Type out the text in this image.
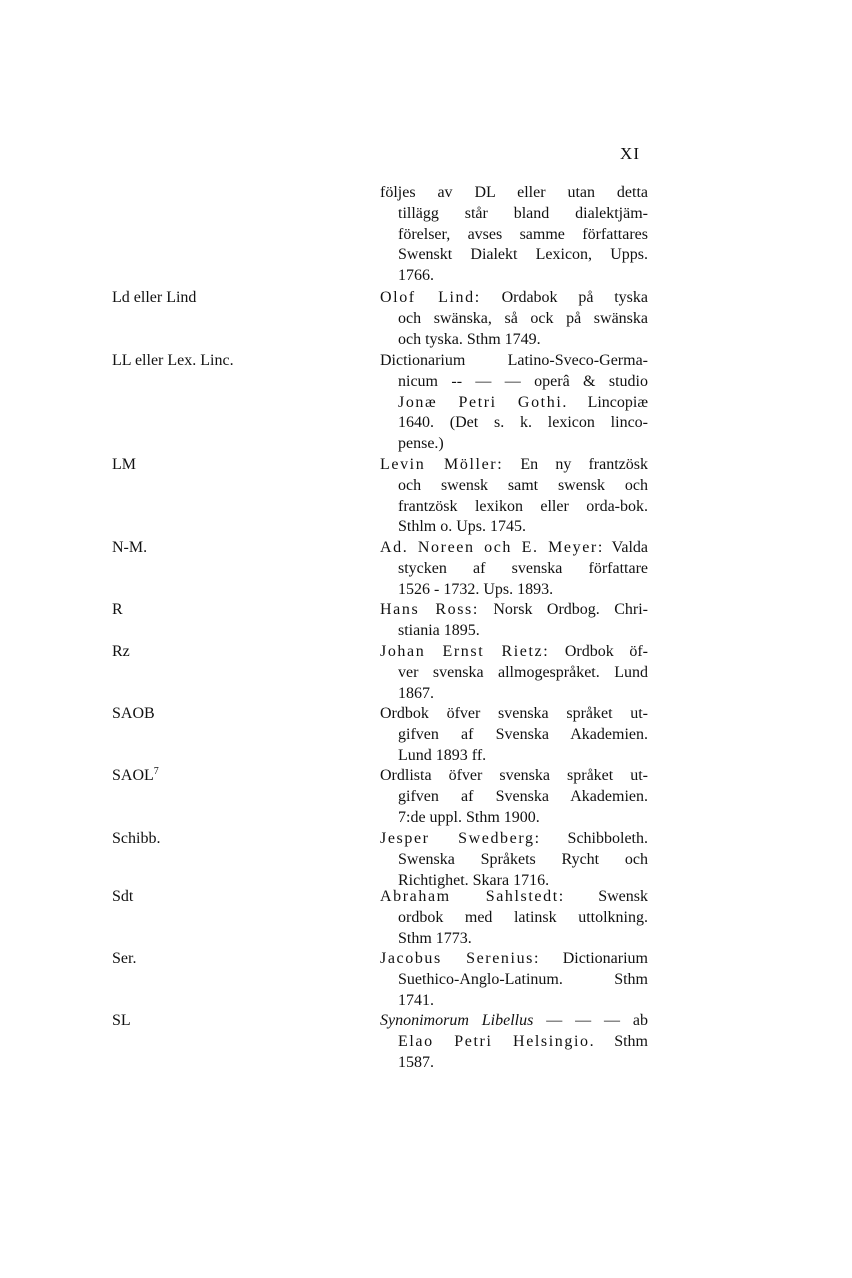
XI
följes av DL eller utan detta
tillägg står bland dialektjäm-
förelser, avses samme författares
Swenskt Dialekt Lexicon, Upps.
1766.
Ld eller Lind	Olof Lind: Ordabok på tyska
och swänska, så ock på swänska
och tyska. Sthm 1749.
LL eller Lex. Linc.	Dictionarium Latino-Sveco-Germa-
nicum -- — — operâ & studio
Jonæ Petri Gothi. Lincopiæ
1640. (Det s. k. lexicon linco-
pense.)
LM	Levin Möller: En ny frantzösk
och swensk samt swensk och
frantzösk lexikon eller orda-bok.
Sthlm o. Ups. 1745.
N-M.	Ad. Noreen och E. Meyer: Valda
stycken af svenska författare
1526 - 1732. Ups. 1893.
R	Hans Ross: Norsk Ordbog. Chri-
stiania 1895.
Rz	Johan Ernst Rietz: Ordbok öf-
ver svenska allmogespråket. Lund
1867.
SAOB	Ordbok öfver svenska språket ut-
gifven af Svenska Akademien.
Lund 1893 ff.
SAOL$^7$	Ordlista öfver svenska språket ut-
gifven af Svenska Akademien.
7:de uppl. Sthm 1900.
Schibb.	Jesper Swedberg: Schibboleth.
Swenska Språkets Rycht och
Richtighet. Skara 1716.
Sdt	Abraham Sahlstedt: Swensk
ordbok med latinsk uttolkning.
Sthm 1773.
Ser.	Jacobus Serenius: Dictionarium
Suethico-Anglo-Latinum. Sthm
1741.
SL	Synonimorum Libellus — — — ab
Elao Petri Helsingio. Sthm
1587.
